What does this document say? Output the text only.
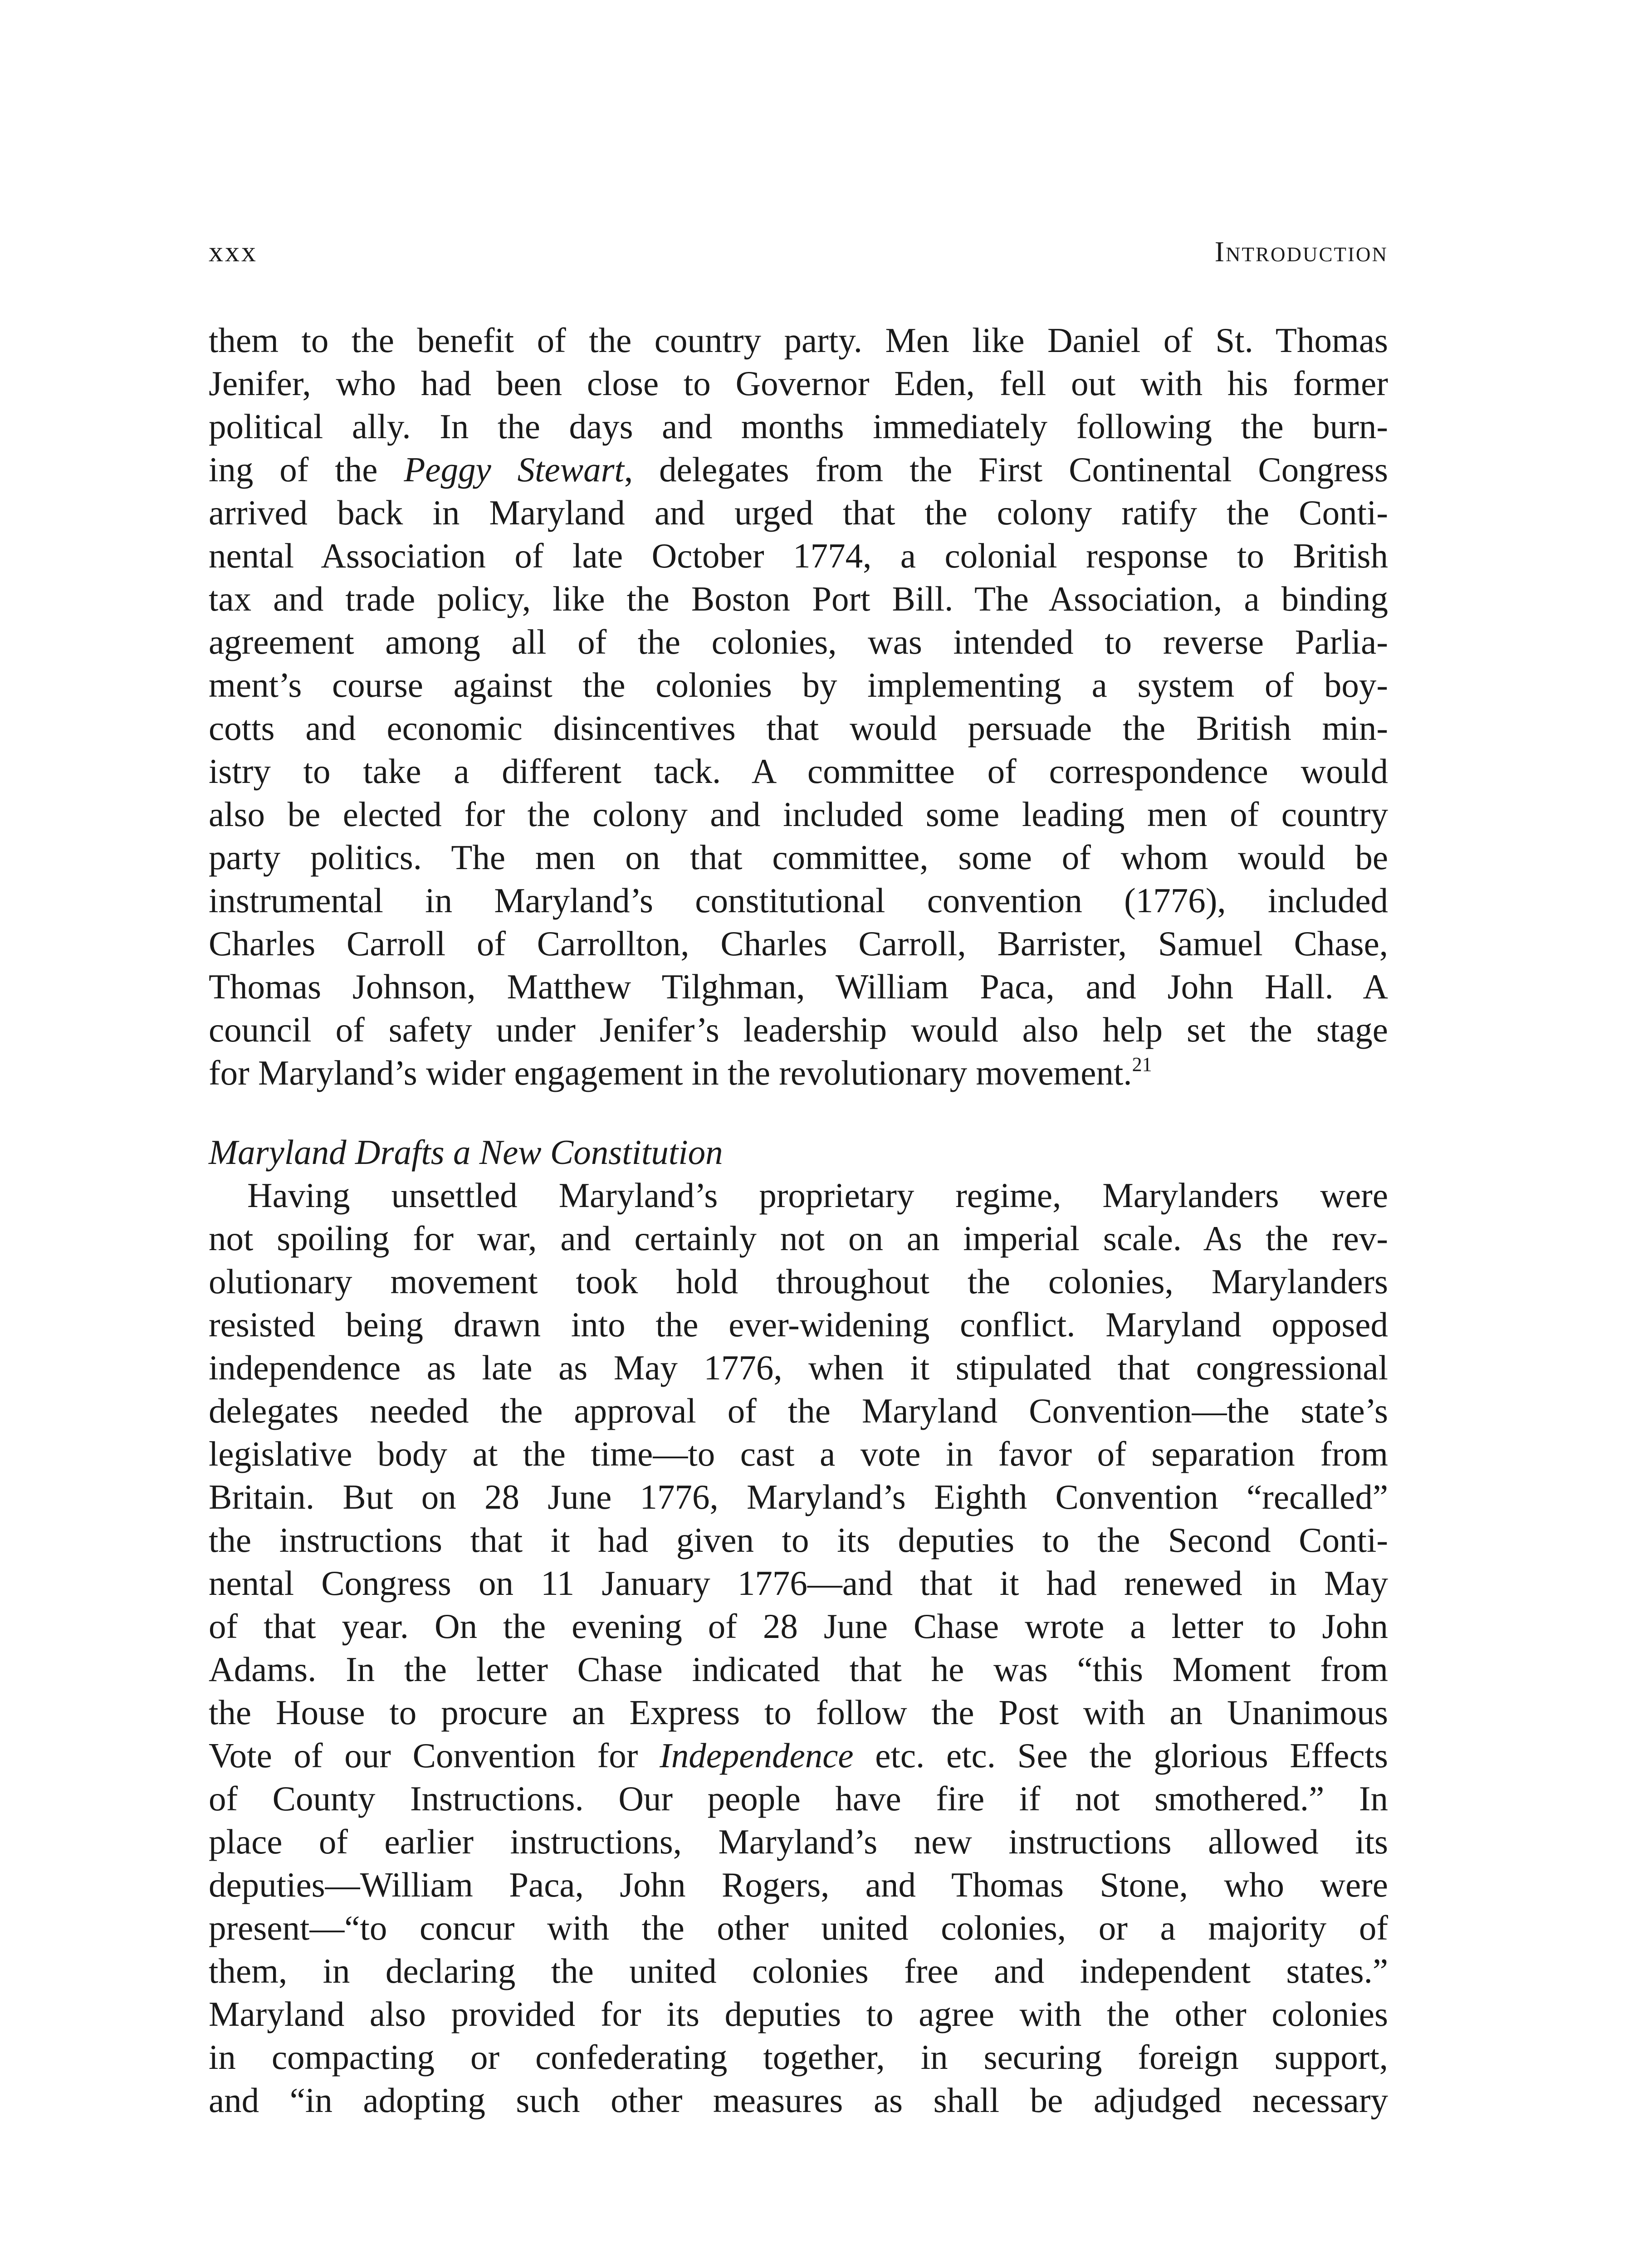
xxx	Introduction
them to the benefit of the country party. Men like Daniel of St. Thomas
Jenifer, who had been close to Governor Eden, fell out with his former
political ally. In the days and months immediately following the burn-
ing of the Peggy Stewart, delegates from the First Continental Congress
arrived back in Maryland and urged that the colony ratify the Conti-
nental Association of late October 1774, a colonial response to British
tax and trade policy, like the Boston Port Bill. The Association, a binding
agreement among all of the colonies, was intended to reverse Parlia-
ment’s course against the colonies by implementing a system of boy-
cotts and economic disincentives that would persuade the British min-
istry to take a different tack. A committee of correspondence would
also be elected for the colony and included some leading men of country
party politics. The men on that committee, some of whom would be
instrumental in Maryland’s constitutional convention (1776), included
Charles Carroll of Carrollton, Charles Carroll, Barrister, Samuel Chase,
Thomas Johnson, Matthew Tilghman, William Paca, and John Hall. A
council of safety under Jenifer’s leadership would also help set the stage
for Maryland’s wider engagement in the revolutionary movement.$^{21}$
Maryland Drafts a New Constitution
Having unsettled Maryland’s proprietary regime, Marylanders were
not spoiling for war, and certainly not on an imperial scale. As the rev-
olutionary movement took hold throughout the colonies, Marylanders
resisted being drawn into the ever-widening conflict. Maryland opposed
independence as late as May 1776, when it stipulated that congressional
delegates needed the approval of the Maryland Convention—the state’s
legislative body at the time—to cast a vote in favor of separation from
Britain. But on 28 June 1776, Maryland’s Eighth Convention “recalled”
the instructions that it had given to its deputies to the Second Conti-
nental Congress on 11 January 1776—and that it had renewed in May
of that year. On the evening of 28 June Chase wrote a letter to John
Adams. In the letter Chase indicated that he was “this Moment from
the House to procure an Express to follow the Post with an Unanimous
Vote of our Convention for Independence etc. etc. See the glorious Effects
of County Instructions. Our people have fire if not smothered.” In
place of earlier instructions, Maryland’s new instructions allowed its
deputies—William Paca, John Rogers, and Thomas Stone, who were
present—“to concur with the other united colonies, or a majority of
them, in declaring the united colonies free and independent states.”
Maryland also provided for its deputies to agree with the other colonies
in compacting or confederating together, in securing foreign support,
and “in adopting such other measures as shall be adjudged necessary
